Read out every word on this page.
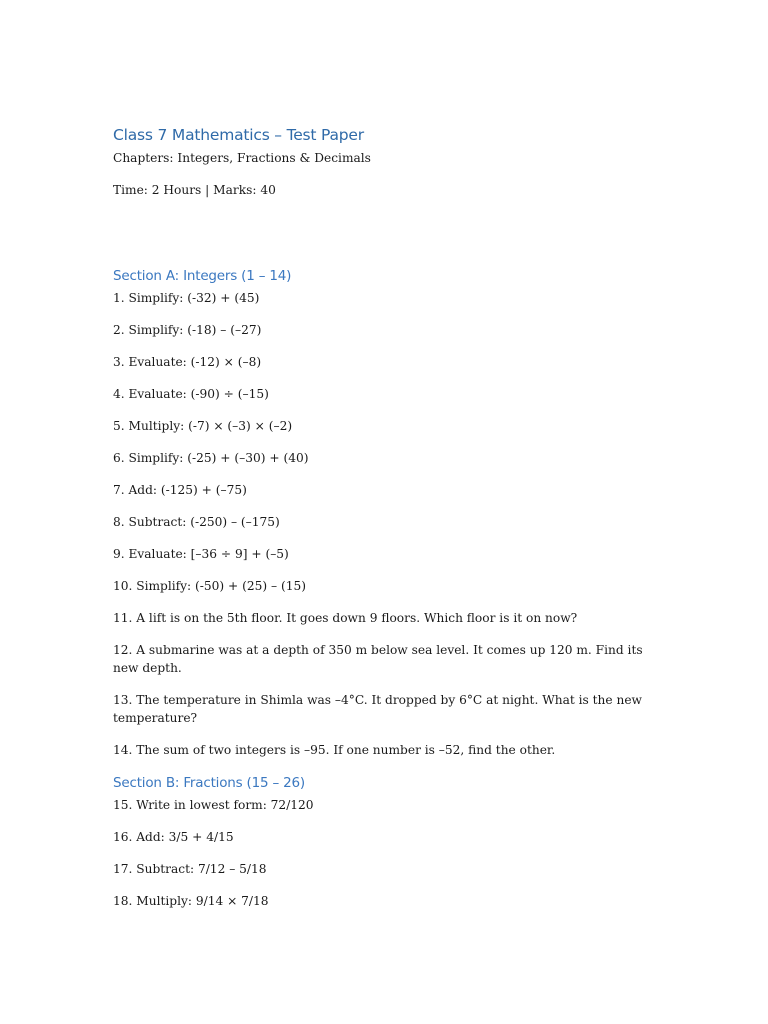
Class 7 Mathematics – Test Paper

Chapters: Integers, Fractions & Decimals

Time: 2 Hours | Marks: 40

Section A: Integers (1 – 14)

1. Simplify: (-32) + (45)

2. Simplify: (-18) – (–27)

3. Evaluate: (-12) × (–8)

4. Evaluate: (-90) ÷ (–15)

5. Multiply: (-7) × (–3) × (–2)

6. Simplify: (-25) + (–30) + (40)

7. Add: (-125) + (–75)

8. Subtract: (-250) – (–175)

9. Evaluate: [–36 ÷ 9] + (–5)

10. Simplify: (-50) + (25) – (15)

11. A lift is on the 5th floor. It goes down 9 floors. Which floor is it on now?

12. A submarine was at a depth of 350 m below sea level. It comes up 120 m. Find its new depth.

13. The temperature in Shimla was –4°C. It dropped by 6°C at night. What is the new temperature?

14. The sum of two integers is –95. If one number is –52, find the other.

Section B: Fractions (15 – 26)

15. Write in lowest form: 72/120

16. Add: 3/5 + 4/15

17. Subtract: 7/12 – 5/18

18. Multiply: 9/14 × 7/18
